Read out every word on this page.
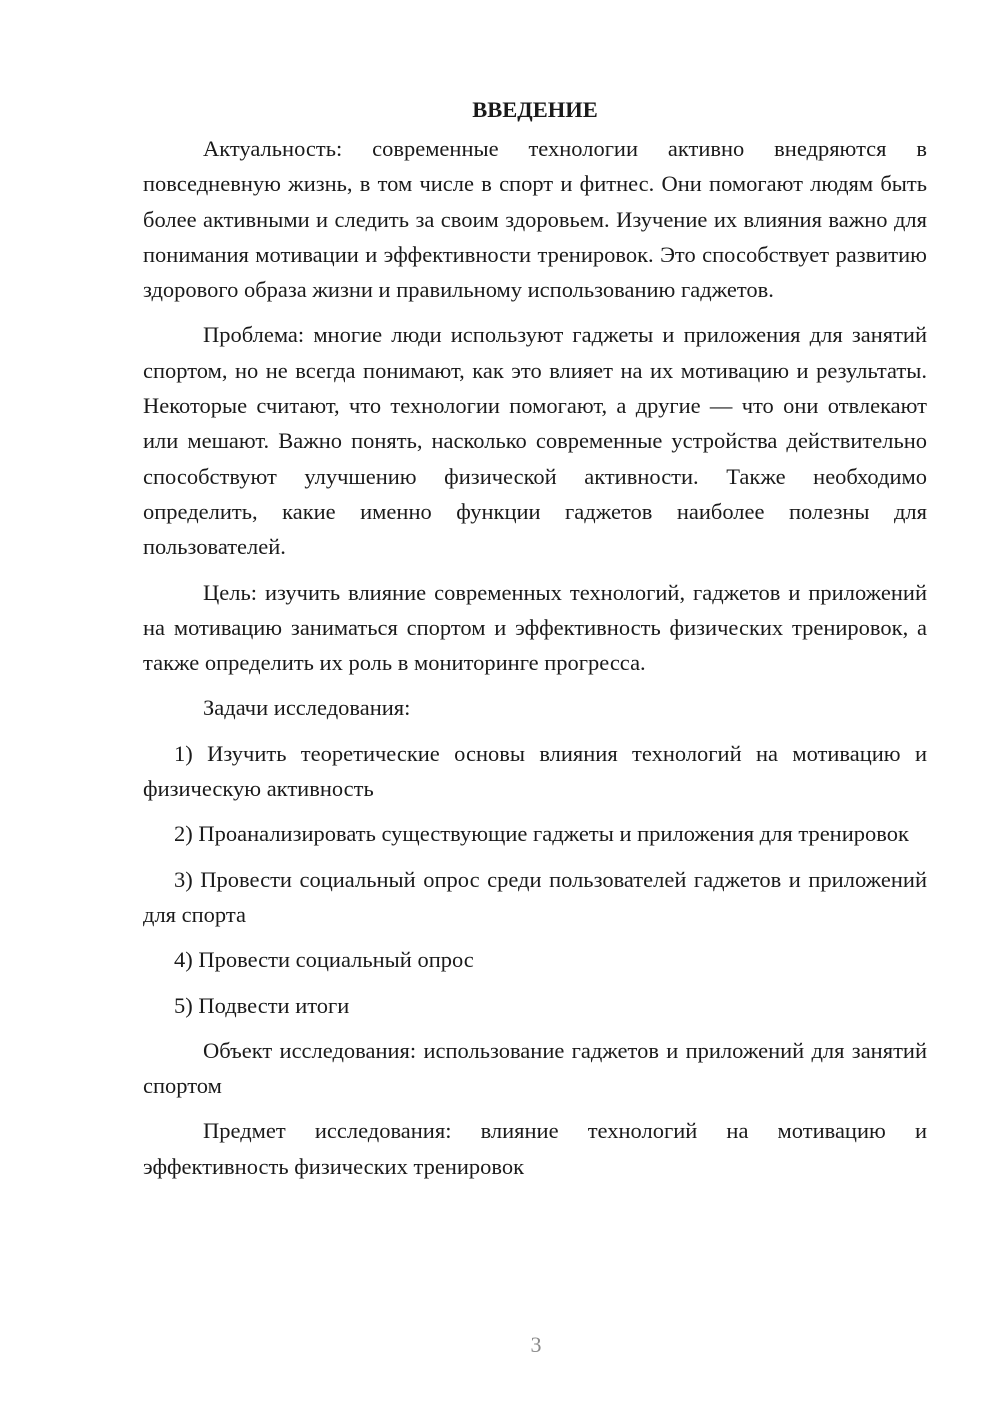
ВВЕДЕНИЕ

Актуальность: современные технологии активно внедряются в повседневную жизнь, в том числе в спорт и фитнес. Они помогают людям быть более активными и следить за своим здоровьем. Изучение их влияния важно для понимания мотивации и эффективности тренировок. Это способствует развитию здорового образа жизни и правильному использованию гаджетов.

Проблема: многие люди используют гаджеты и приложения для занятий спортом, но не всегда понимают, как это влияет на их мотивацию и результаты. Некоторые считают, что технологии помогают, а другие — что они отвлекают или мешают. Важно понять, насколько современные устройства действительно способствуют улучшению физической активности. Также необходимо определить, какие именно функции гаджетов наиболее полезны для пользователей.

Цель: изучить влияние современных технологий, гаджетов и приложений на мотивацию заниматься спортом и эффективность физических тренировок, а также определить их роль в мониторинге прогресса.

Задачи исследования:

1) Изучить теоретические основы влияния технологий на мотивацию и физическую активность

2) Проанализировать существующие гаджеты и приложения для тренировок

3) Провести социальный опрос среди пользователей гаджетов и приложений для спорта

4) Провести социальный опрос

5) Подвести итоги

Объект исследования: использование гаджетов и приложений для занятий спортом

Предмет исследования: влияние технологий на мотивацию и эффективность физических тренировок

3
